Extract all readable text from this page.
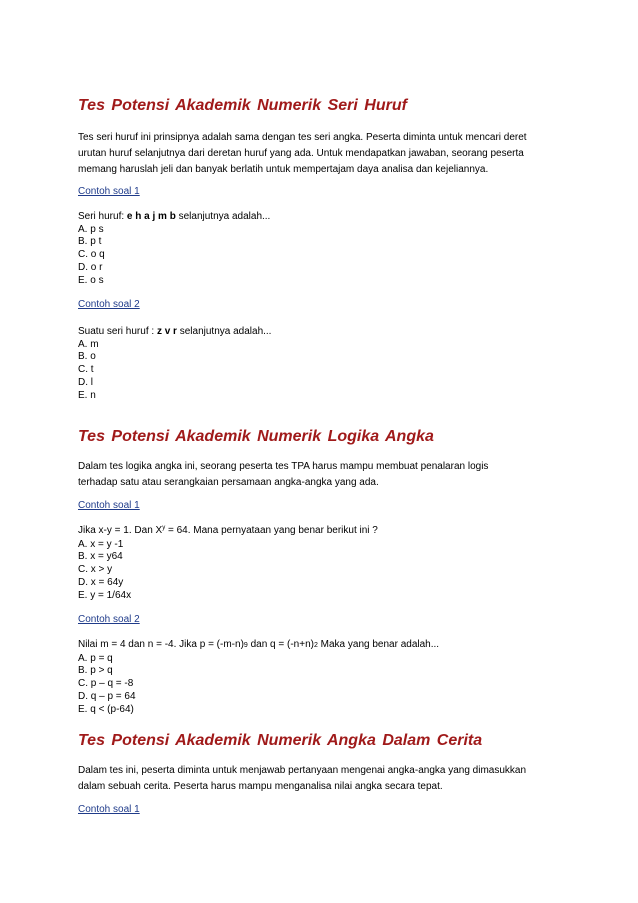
Tes Potensi Akademik Numerik Seri Huruf
Tes seri huruf ini prinsipnya adalah sama dengan tes seri angka. Peserta diminta untuk mencari deret
urutan huruf selanjutnya dari deretan huruf yang ada. Untuk mendapatkan jawaban, seorang peserta
memang haruslah jeli dan banyak berlatih untuk mempertajam daya analisa dan kejeliannya.
Contoh soal 1
Seri huruf: e h a j m b selanjutnya adalah...
A. p s
B. p t
C. o q
D. o r
E. o s
Contoh soal 2
Suatu seri huruf : z v r selanjutnya adalah...
A. m
B. o
C. t
D. l
E. n
Tes Potensi Akademik Numerik Logika Angka
Dalam tes logika angka ini, seorang peserta tes TPA harus mampu membuat penalaran logis
terhadap satu atau serangkaian persamaan angka-angka yang ada.
Contoh soal 1
Jika x-y = 1. Dan $X^y = 64$. Mana pernyataan yang benar berikut ini ?
A. x = y -1
B. x = y64
C. x > y
D. x = 64y
E. y = 1/64x
Contoh soal 2
Nilai m = 4 dan n = -4. Jika p = (-m-n)9 dan q = (-n+n)2 Maka yang benar adalah...
A. p = q
B. p > q
C. p – q = -8
D. q – p = 64
E. q < (p-64)
Tes Potensi Akademik Numerik Angka Dalam Cerita
Dalam tes ini, peserta diminta untuk menjawab pertanyaan mengenai angka-angka yang dimasukkan
dalam sebuah cerita. Peserta harus mampu menganalisa nilai angka secara tepat.
Contoh soal 1
